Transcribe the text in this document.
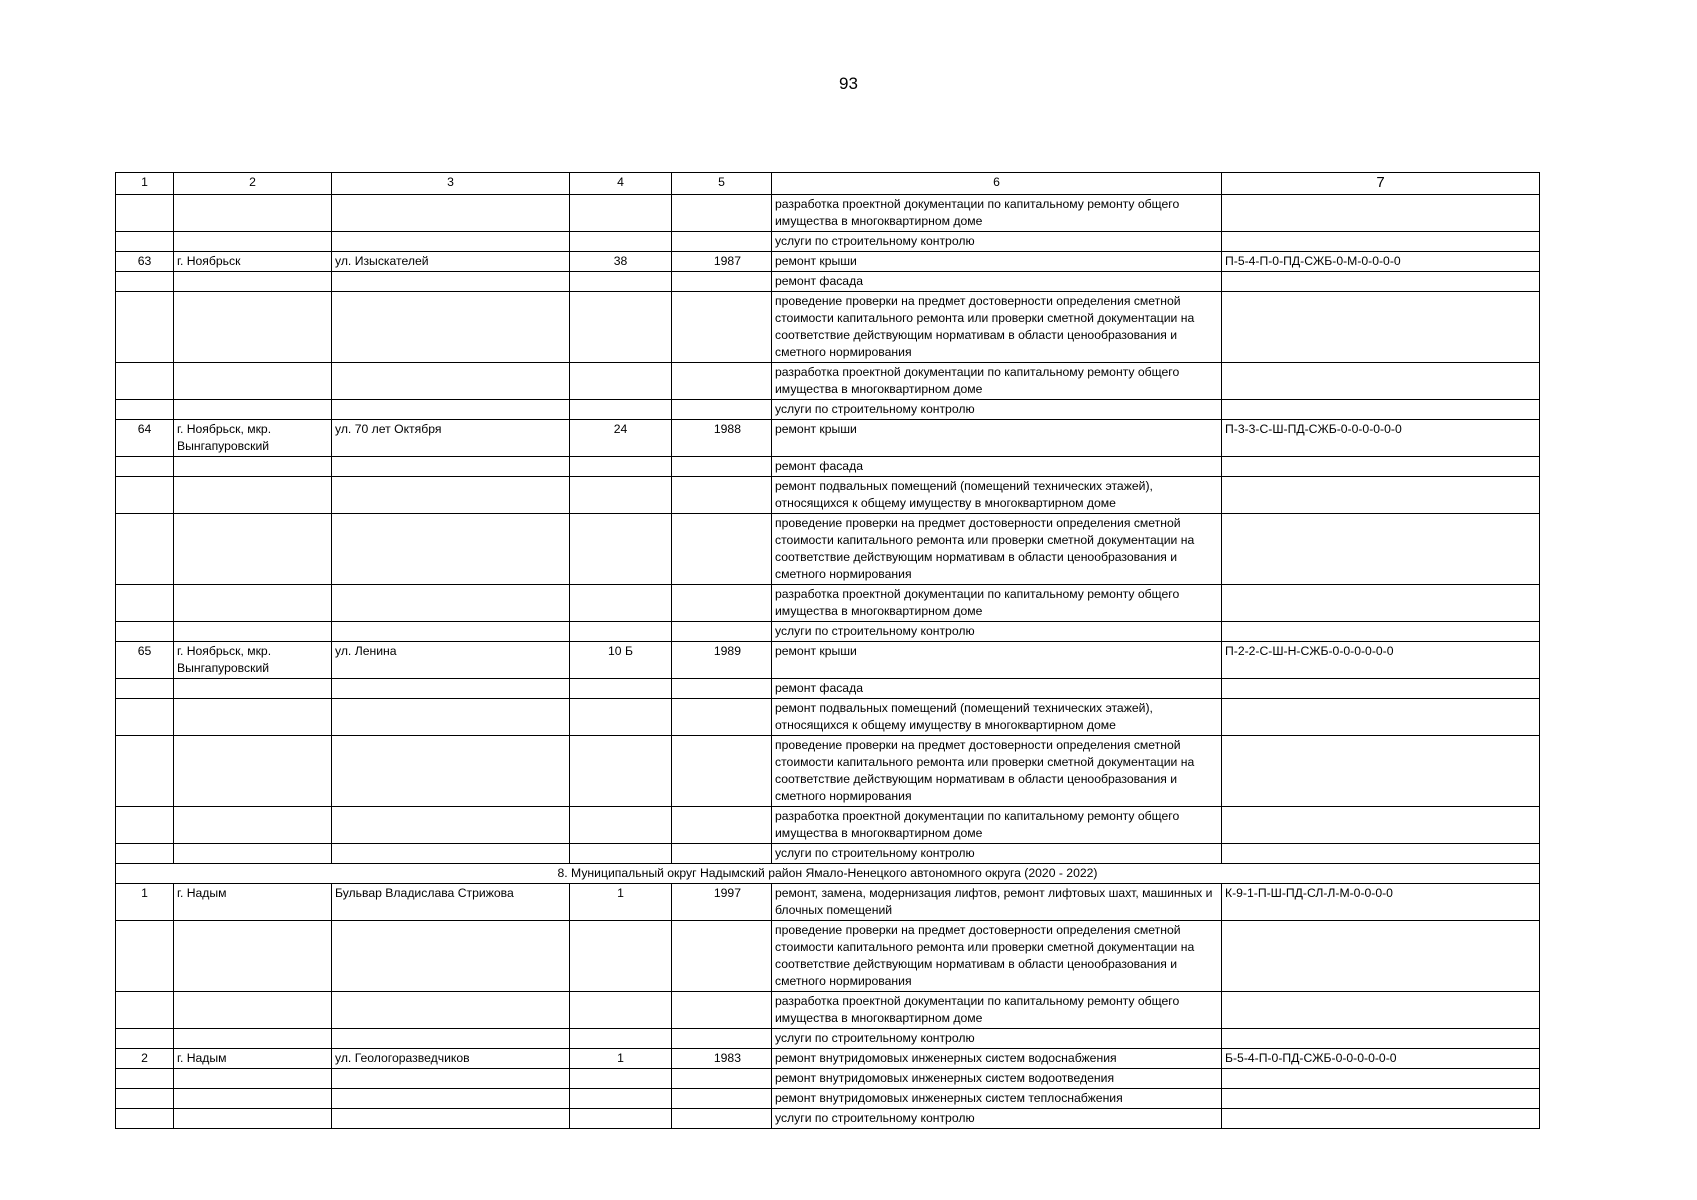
93
1	2	3	4	5	6	7
					разработка проектной документации по капитальному ремонту общего имущества в многоквартирном доме	
					услуги по строительному контролю	
63	г. Ноябрьск	ул. Изыскателей	38	1987	ремонт крыши	П-5-4-П-0-ПД-СЖБ-0-М-0-0-0-0
					ремонт фасада	
					проведение проверки на предмет достоверности определения сметной стоимости капитального ремонта или проверки сметной документации на соответствие действующим нормативам в области ценообразования и сметного нормирования	
					разработка проектной документации по капитальному ремонту общего имущества в многоквартирном доме	
					услуги по строительному контролю	
64	г. Ноябрьск, мкр. Вынгапуровский	ул. 70 лет Октября	24	1988	ремонт крыши	П-3-3-С-Ш-ПД-СЖБ-0-0-0-0-0-0
					ремонт фасада	
					ремонт подвальных помещений (помещений технических этажей), относящихся к общему имуществу в многоквартирном доме	
					проведение проверки на предмет достоверности определения сметной стоимости капитального ремонта или проверки сметной документации на соответствие действующим нормативам в области ценообразования и сметного нормирования	
					разработка проектной документации по капитальному ремонту общего имущества в многоквартирном доме	
					услуги по строительному контролю	
65	г. Ноябрьск, мкр. Вынгапуровский	ул. Ленина	10 Б	1989	ремонт крыши	П-2-2-С-Ш-Н-СЖБ-0-0-0-0-0-0
					ремонт фасада	
					ремонт подвальных помещений (помещений технических этажей), относящихся к общему имуществу в многоквартирном доме	
					проведение проверки на предмет достоверности определения сметной стоимости капитального ремонта или проверки сметной документации на соответствие действующим нормативам в области ценообразования и сметного нормирования	
					разработка проектной документации по капитальному ремонту общего имущества в многоквартирном доме	
					услуги по строительному контролю	
8. Муниципальный округ Надымский район Ямало-Ненецкого автономного округа (2020 - 2022)						
1	г. Надым	Бульвар Владислава Стрижова	1	1997	ремонт, замена, модернизация лифтов, ремонт лифтовых шахт, машинных и блочных помещений	К-9-1-П-Ш-ПД-СЛ-Л-М-0-0-0-0
					проведение проверки на предмет достоверности определения сметной стоимости капитального ремонта или проверки сметной документации на соответствие действующим нормативам в области ценообразования и сметного нормирования	
					разработка проектной документации по капитальному ремонту общего имущества в многоквартирном доме	
					услуги по строительному контролю	
2	г. Надым	ул. Геологоразведчиков	1	1983	ремонт внутридомовых инженерных систем водоснабжения	Б-5-4-П-0-ПД-СЖБ-0-0-0-0-0-0
					ремонт внутридомовых инженерных систем водоотведения	
					ремонт внутридомовых инженерных систем теплоснабжения	
					услуги по строительному контролю	
